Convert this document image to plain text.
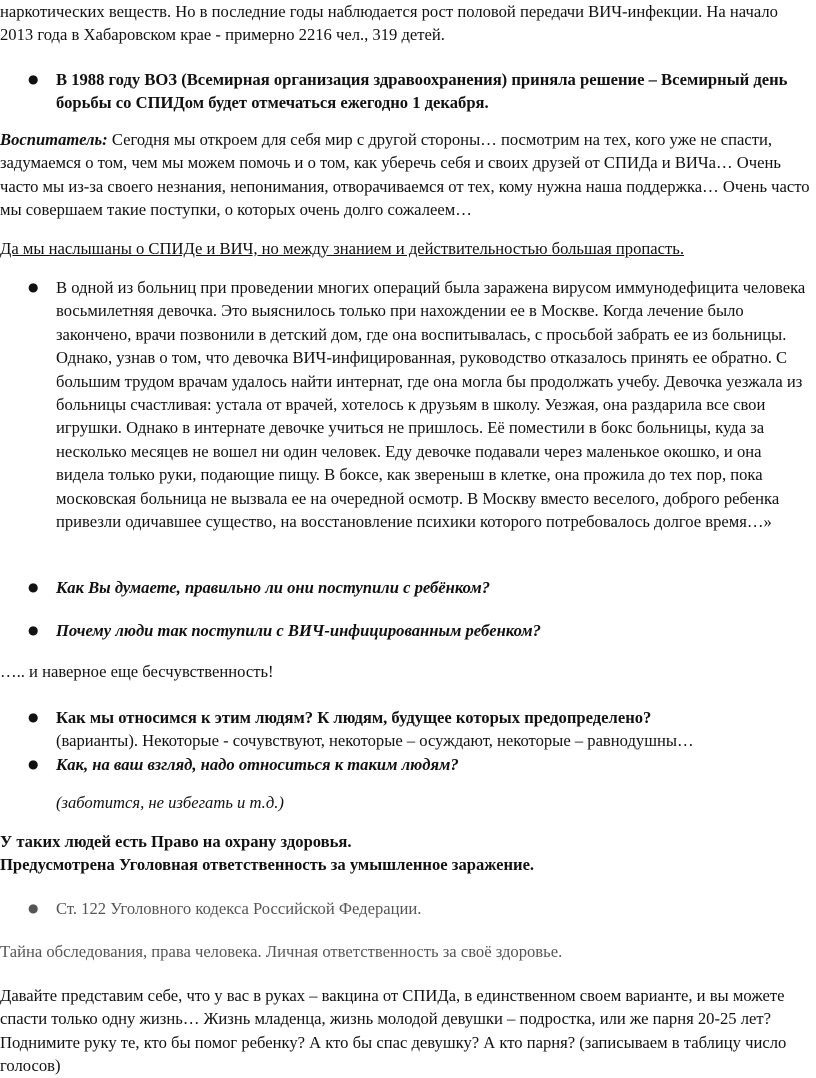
наркотических веществ. Но в последние годы наблюдается рост половой передачи ВИЧ-инфекции. На начало 2013 года в Хабаровском крае - примерно 2216 чел., 319 детей.

● В 1988 году ВОЗ (Всемирная организация здравоохранения) приняла решение – Всемирный день борьбы со СПИДом будет отмечаться ежегодно 1 декабря.

Воспитатель: Сегодня мы откроем для себя мир с другой стороны… посмотрим на тех, кого уже не спасти, задумаемся о том, чем мы можем помочь и о том, как уберечь себя и своих друзей от СПИДа и ВИЧа… Очень часто мы из-за своего незнания, непонимания, отворачиваемся от тех, кому нужна наша поддержка… Очень часто мы совершаем такие поступки, о которых очень долго сожалеем…

Да мы наслышаны о СПИДе и ВИЧ, но между знанием и действительностью большая пропасть.

● В одной из больниц при проведении многих операций была заражена вирусом иммунодефицита человека восьмилетняя девочка. Это выяснилось только при нахождении ее в Москве. Когда лечение было закончено, врачи позвонили в детский дом, где она воспитывалась, с просьбой забрать ее из больницы. Однако, узнав о том, что девочка ВИЧ-инфицированная, руководство отказалось принять ее обратно. С большим трудом врачам удалось найти интернат, где она могла бы продолжать учебу. Девочка уезжала из больницы счастливая: устала от врачей, хотелось к друзьям в школу. Уезжая, она раздарила все свои игрушки. Однако в интернате девочке учиться не пришлось. Её поместили в бокс больницы, куда за несколько месяцев не вошел ни один человек. Еду девочке подавали через маленькое окошко, и она видела только руки, подающие пищу. В боксе, как звереныш в клетке, она прожила до тех пор, пока московская больница не вызвала ее на очередной осмотр. В Москву вместо веселого, доброго ребенка привезли одичавшее существо, на восстановление психики которого потребовалось долгое время…»
● Как Вы думаете, правильно ли они поступили с ребёнком?
● Почему люди так поступили с ВИЧ-инфицированным ребенком?

….. и наверное еще бесчувственность!

● Как мы относимся к этим людям? К людям, будущее которых предопределено?
(варианты). Некоторые - сочувствуют, некоторые – осуждают, некоторые – равнодушны…
● Как, на ваш взгляд, надо относиться к таким людям?

(заботится, не избегать и т.д.)

У таких людей есть Право на охрану здоровья.

Предусмотрена Уголовная ответственность за умышленное заражение.

● Ст. 122 Уголовного кодекса Российской Федерации.

Тайна обследования, права человека. Личная ответственность за своё здоровье.

Давайте представим себе, что у вас в руках – вакцина от СПИДа, в единственном своем варианте, и вы можете спасти только одну жизнь… Жизнь младенца, жизнь молодой девушки – подростка, или же парня 20-25 лет? Поднимите руку те, кто бы помог ребенку? А кто бы спас девушку? А кто парня? (записываем в таблицу число голосов)
